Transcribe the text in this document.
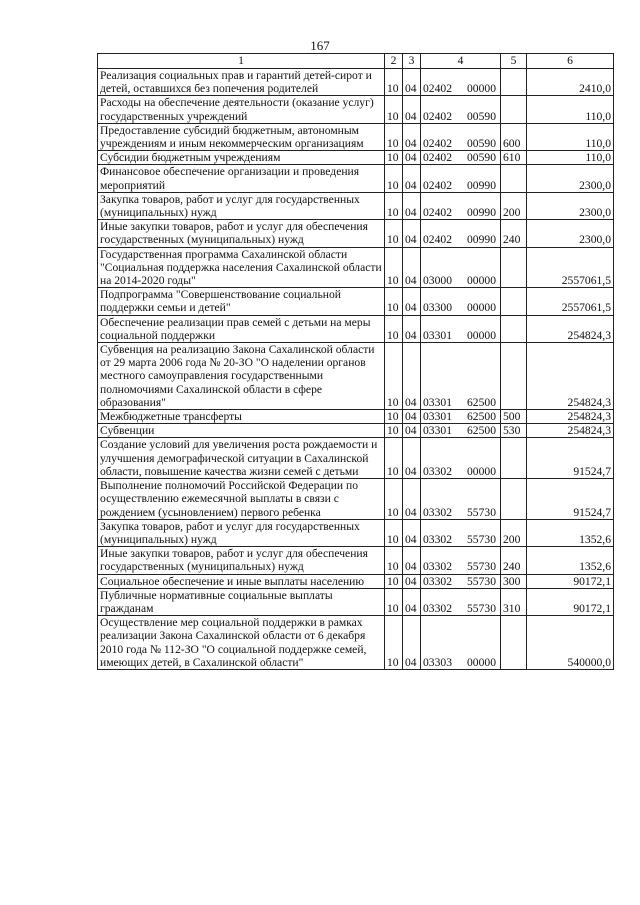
167
1	2	3	4	5	6
Реализация социальных прав и гарантий детей-сирот и детей, оставшихся без попечения родителей	10	04	02402 00000		2410,0
Расходы на обеспечение деятельности (оказание услуг) государственных учреждений	10	04	02402 00590		110,0
Предоставление субсидий бюджетным, автономным учреждениям и иным некоммерческим организациям	10	04	02402 00590	600	110,0
Субсидии бюджетным учреждениям	10	04	02402 00590	610	110,0
Финансовое обеспечение организации и проведения мероприятий	10	04	02402 00990		2300,0
Закупка товаров, работ и услуг для государственных (муниципальных) нужд	10	04	02402 00990	200	2300,0
Иные закупки товаров, работ и услуг для обеспечения государственных (муниципальных) нужд	10	04	02402 00990	240	2300,0
Государственная программа Сахалинской области "Социальная поддержка населения Сахалинской области на 2014-2020 годы"	10	04	03000 00000		2557061,5
Подпрограмма "Совершенствование социальной поддержки семьи и детей"	10	04	03300 00000		2557061,5
Обеспечение реализации прав семей с детьми на меры социальной поддержки	10	04	03301 00000		254824,3
Субвенция на реализацию Закона Сахалинской области от 29 марта 2006 года № 20-ЗО "О наделении органов местного самоуправления государственными полномочиями Сахалинской области в сфере образования"	10	04	03301 62500		254824,3
Межбюджетные трансферты	10	04	03301 62500	500	254824,3
Субвенции	10	04	03301 62500	530	254824,3
Создание условий для увеличения роста рождаемости и улучшения демографической ситуации в Сахалинской области, повышение качества жизни семей с детьми	10	04	03302 00000		91524,7
Выполнение полномочий Российской Федерации по осуществлению ежемесячной выплаты в связи с рождением (усыновлением) первого ребенка	10	04	03302 55730		91524,7
Закупка товаров, работ и услуг для государственных (муниципальных) нужд	10	04	03302 55730	200	1352,6
Иные закупки товаров, работ и услуг для обеспечения государственных (муниципальных) нужд	10	04	03302 55730	240	1352,6
Социальное обеспечение и иные выплаты населению	10	04	03302 55730	300	90172,1
Публичные нормативные социальные выплаты гражданам	10	04	03302 55730	310	90172,1
Осуществление мер социальной поддержки в рамках реализации Закона Сахалинской области от 6 декабря 2010 года № 112-ЗО "О социальной поддержке семей, имеющих детей, в Сахалинской области"	10	04	03303 00000		540000,0
